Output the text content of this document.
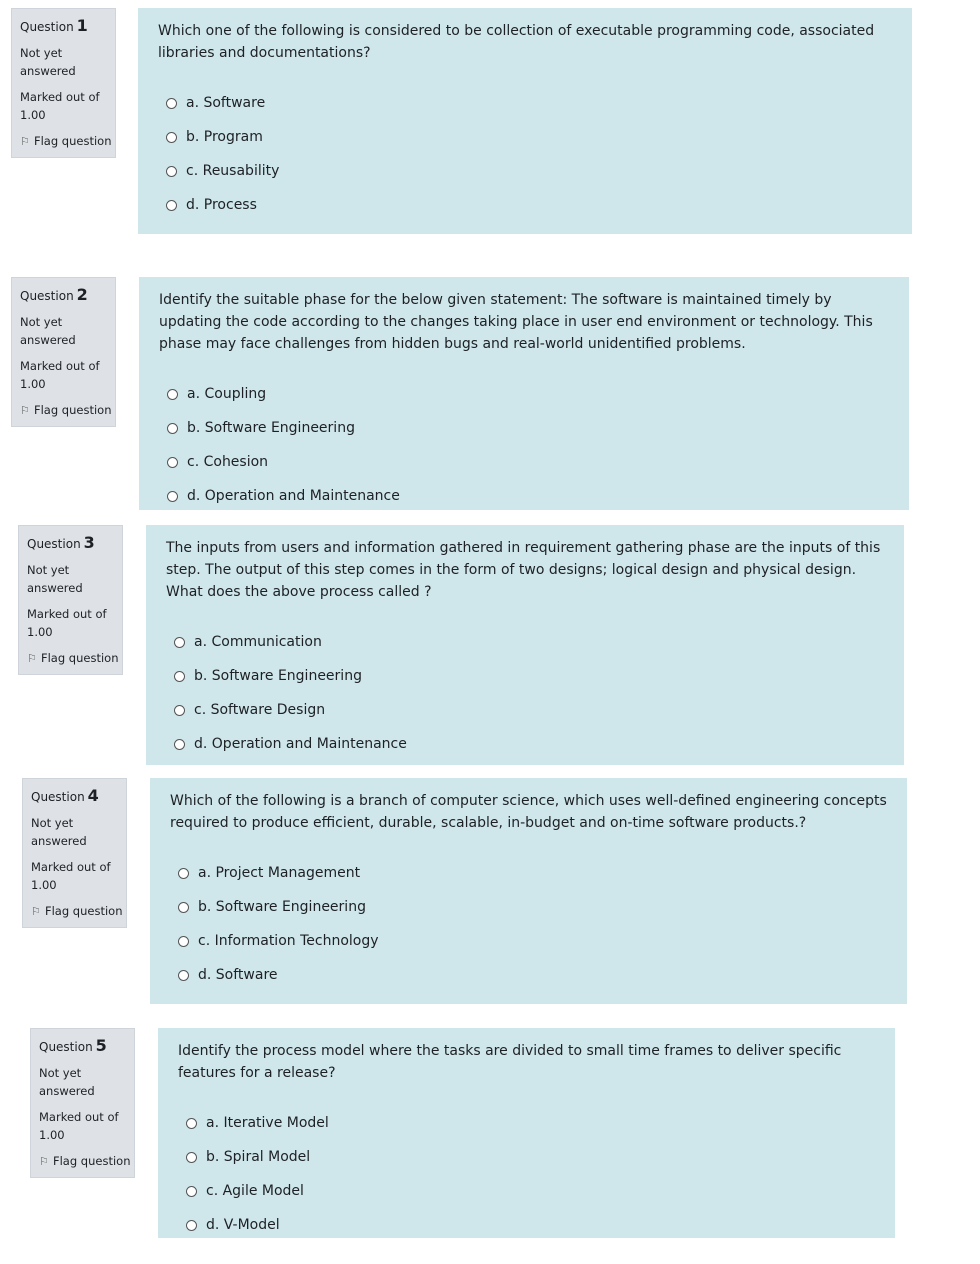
Question 1
Not yet answered
Marked out of 1.00
⚐ Flag question
Which one of the following is considered to be collection of executable programming code, associated libraries and documentations?
a. Software
b. Program
c. Reusability
d. Process
Question 2
Not yet answered
Marked out of 1.00
⚐ Flag question
Identify the suitable phase for the below given statement: The software is maintained timely by updating the code according to the changes taking place in user end environment or technology. This phase may face challenges from hidden bugs and real-world unidentified problems.
a. Coupling
b. Software Engineering
c. Cohesion
d. Operation and Maintenance
Question 3
Not yet answered
Marked out of 1.00
⚐ Flag question
The inputs from users and information gathered in requirement gathering phase are the inputs of this step. The output of this step comes in the form of two designs; logical design and physical design. What does the above process called ?
a. Communication
b. Software Engineering
c. Software Design
d. Operation and Maintenance
Question 4
Not yet answered
Marked out of 1.00
⚐ Flag question
Which of the following is a branch of computer science, which uses well-defined engineering concepts required to produce efficient, durable, scalable, in-budget and on-time software products.?
a. Project Management
b. Software Engineering
c. Information Technology
d. Software
Question 5
Not yet answered
Marked out of 1.00
⚐ Flag question
Identify the process model where the tasks are divided to small time frames to deliver specific features for a release?
a. Iterative Model
b. Spiral Model
c. Agile Model
d. V-Model
